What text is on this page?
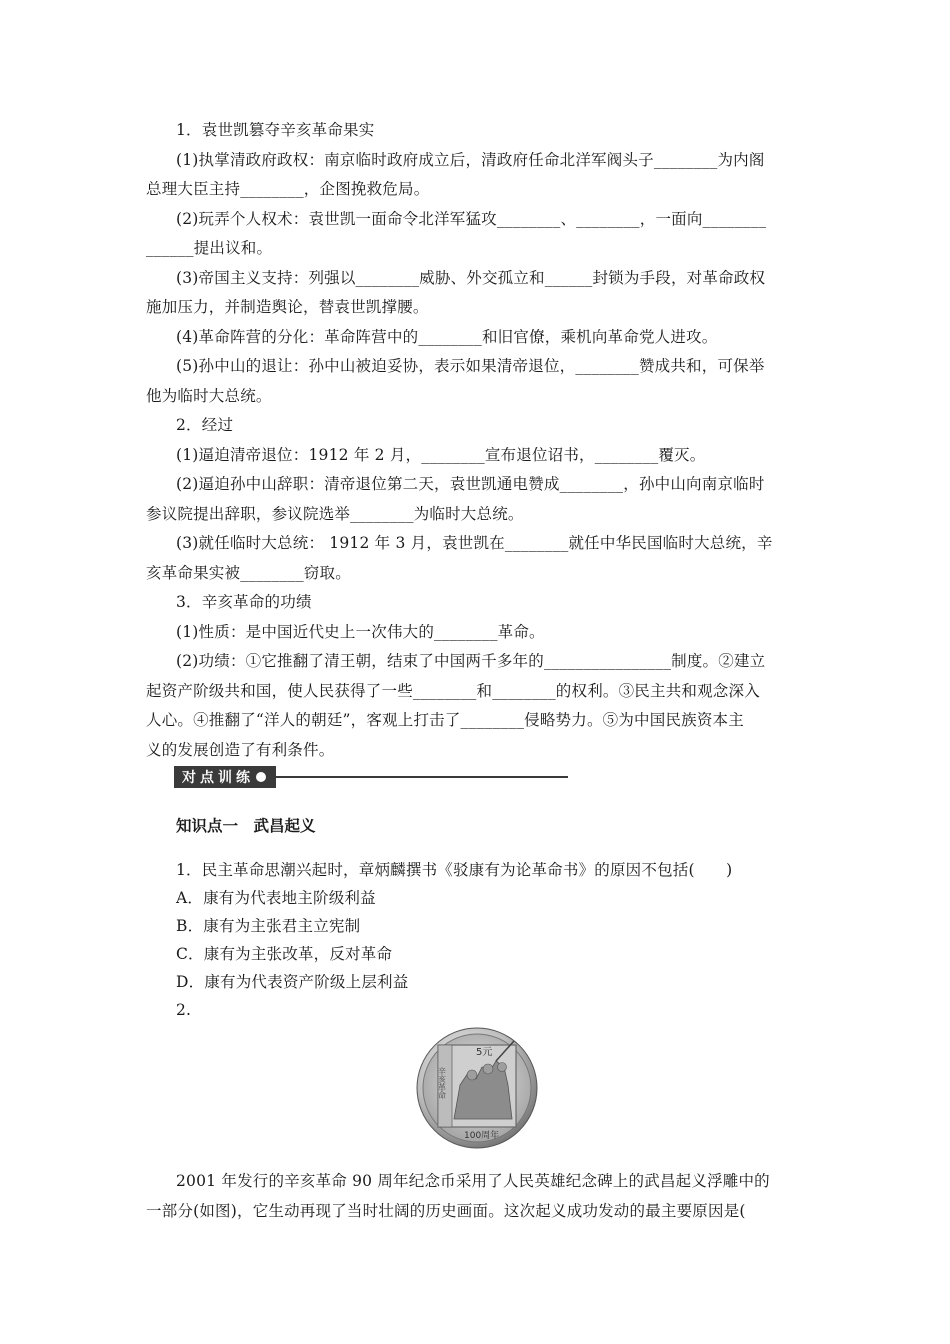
1．袁世凯篡夺辛亥革命果实
(1)执掌清政府政权：南京临时政府成立后，清政府任命北洋军阀头子________为内阁
总理大臣主持________，企图挽救危局。
(2)玩弄个人权术：袁世凯一面命令北洋军猛攻________、________，一面向________
______提出议和。
(3)帝国主义支持：列强以________威胁、外交孤立和______封锁为手段，对革命政权
施加压力，并制造舆论，替袁世凯撑腰。
(4)革命阵营的分化：革命阵营中的________和旧官僚，乘机向革命党人进攻。
(5)孙中山的退让：孙中山被迫妥协，表示如果清帝退位，________赞成共和，可保举
他为临时大总统。
2．经过
(1)逼迫清帝退位：1912 年 2 月，________宣布退位诏书，________覆灭。
(2)逼迫孙中山辞职：清帝退位第二天，袁世凯通电赞成________，孙中山向南京临时
参议院提出辞职，参议院选举________为临时大总统。
(3)就任临时大总统： 1912 年 3 月，袁世凯在________就任中华民国临时大总统，辛
亥革命果实被________窃取。
3．辛亥革命的功绩
(1)性质：是中国近代史上一次伟大的________革命。
(2)功绩：①它推翻了清王朝，结束了中国两千多年的________________制度。②建立
起资产阶级共和国，使人民获得了一些________和________的权利。③民主共和观念深入
人心。④推翻了“洋人的朝廷”，客观上打击了________侵略势力。⑤为中国民族资本主
义的发展创造了有利条件。
对点训练
知识点一　武昌起义
1．民主革命思潮兴起时，章炳麟撰书《驳康有为论革命书》的原因不包括(　　)
A．康有为代表地主阶级利益
B．康有为主张君主立宪制
C．康有为主张改革，反对革命
D．康有为代表资产阶级上层利益
2.
5元
100周年
辛亥革命
2001 年发行的辛亥革命 90 周年纪念币采用了人民英雄纪念碑上的武昌起义浮雕中的
一部分(如图)，它生动再现了当时壮阔的历史画面。这次起义成功发动的最主要原因是(
